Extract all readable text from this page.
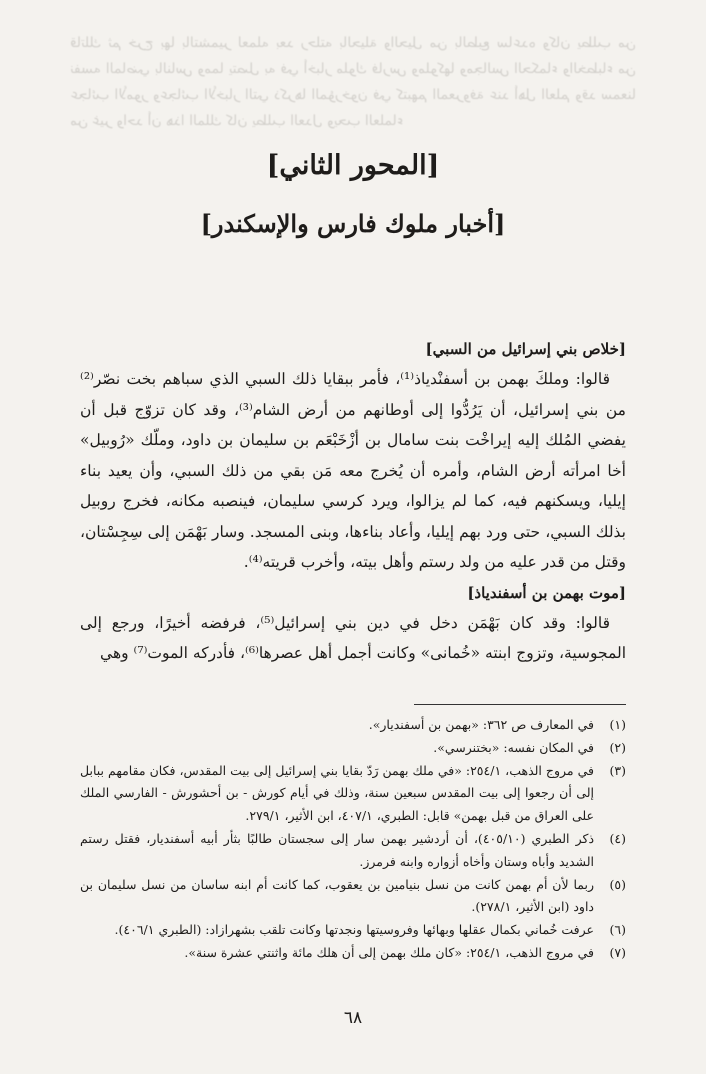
قاتلك ثم خرج بها بالتشمير لعمله بعد رحلته بالحيلة والحيل من بالطبع ساعده وكان يطلب من نفسه الماضي بالناس ومما يتصل به في أخبار ملوك فارس وملوكها ومجالس الحكماء والخطباء من عجائب الأمور وعجائب الأخبار التي ذكرها المؤرخون في كتبهم المعروفة عند أهل العلم وقد سمعنا من غير واحد أن هذا الملك كان يطلب العدل ويحب العلماء
[المحور الثاني]
[أخبار ملوك فارس والإسكندر]
[خلاص بني إسرائيل من السبي]

قالوا: وملكَ بهمن بن أسفنْدياذ⁽¹⁾، فأمر ببقايا ذلك السبي الذي سباهم بخت نصّر⁽²⁾ من بني إسرائيل، أن يَرُدُّوا إلى أوطانهم من أرض الشام⁽³⁾، وقد كان تزوّج قبل أن يفضي المُلك إليه إيراخْت بنت سامال بن أزْخَبْعَم بن سليمان بن داود، وملّك «رُوبيل» أخا امرأته أرض الشام، وأمره أن يُخرج معه مَن بقي من ذلك السبي، وأن يعيد بناء إيليا، ويسكنهم فيه، كما لم يزالوا، ويرد كرسي سليمان، فينصبه مكانه، فخرج روبيل بذلك السبي، حتى ورد بهم إيليا، وأعاد بناءها، وبنى المسجد. وسار بَهْمَن إلى سِجِسْتان، وقتل من قدر عليه من ولد رستم وأهل بيته، وأخرب قريته⁽⁴⁾.

[موت بهمن بن أسفندياذ]

قالوا: وقد كان بَهْمَن دخل في دين بني إسرائيل⁽⁵⁾، فرفضه أخيرًا، ورجع إلى المجوسية، وتزوج ابنته «خُمانى» وكانت أجمل أهل عصرها⁽⁶⁾، فأدركه الموت⁽⁷⁾ وهي

(١)
في المعارف ص ٣٦٢: «بهمن بن أسفنديار».
(٢)
في المكان نفسه: «بختنرسي».
(٣)
في مروج الذهب، ٢٥٤/١: «في ملك بهمن رَدّ بقايا بني إسرائيل إلى بيت المقدس، فكان مقامهم ببابل إلى أن رجعوا إلى بيت المقدس سبعين سنة، وذلك في أيام كورش - بن أحشورش - الفارسي الملك على العراق من قبل بهمن» قابل: الطبري، ٤٠٧/١، ابن الأثير، ٢٧٩/١.
(٤)
ذكر الطبري (٤٠٥/١٠)، أن أردشير بهمن سار إلى سجستان طالبًا بثأر أبيه أسفنديار، فقتل رستم الشديد وأباه وستان وأخاه أزواره وابنه فرمرز.
(٥)
ربما لأن أم بهمن كانت من نسل بنيامين بن يعقوب، كما كانت أم ابنه ساسان من نسل سليمان بن داود (ابن الأثير، ٢٧٨/١).
(٦)
عرفت خُماني بكمال عقلها وبهائها وفروسيتها ونجدتها وكانت تلقب بشهرازاد: (الطبري ٤٠٦/١).
(٧)
في مروج الذهب، ٢٥٤/١: «كان ملك بهمن إلى أن هلك مائة واثنتي عشرة سنة».
٦٨
